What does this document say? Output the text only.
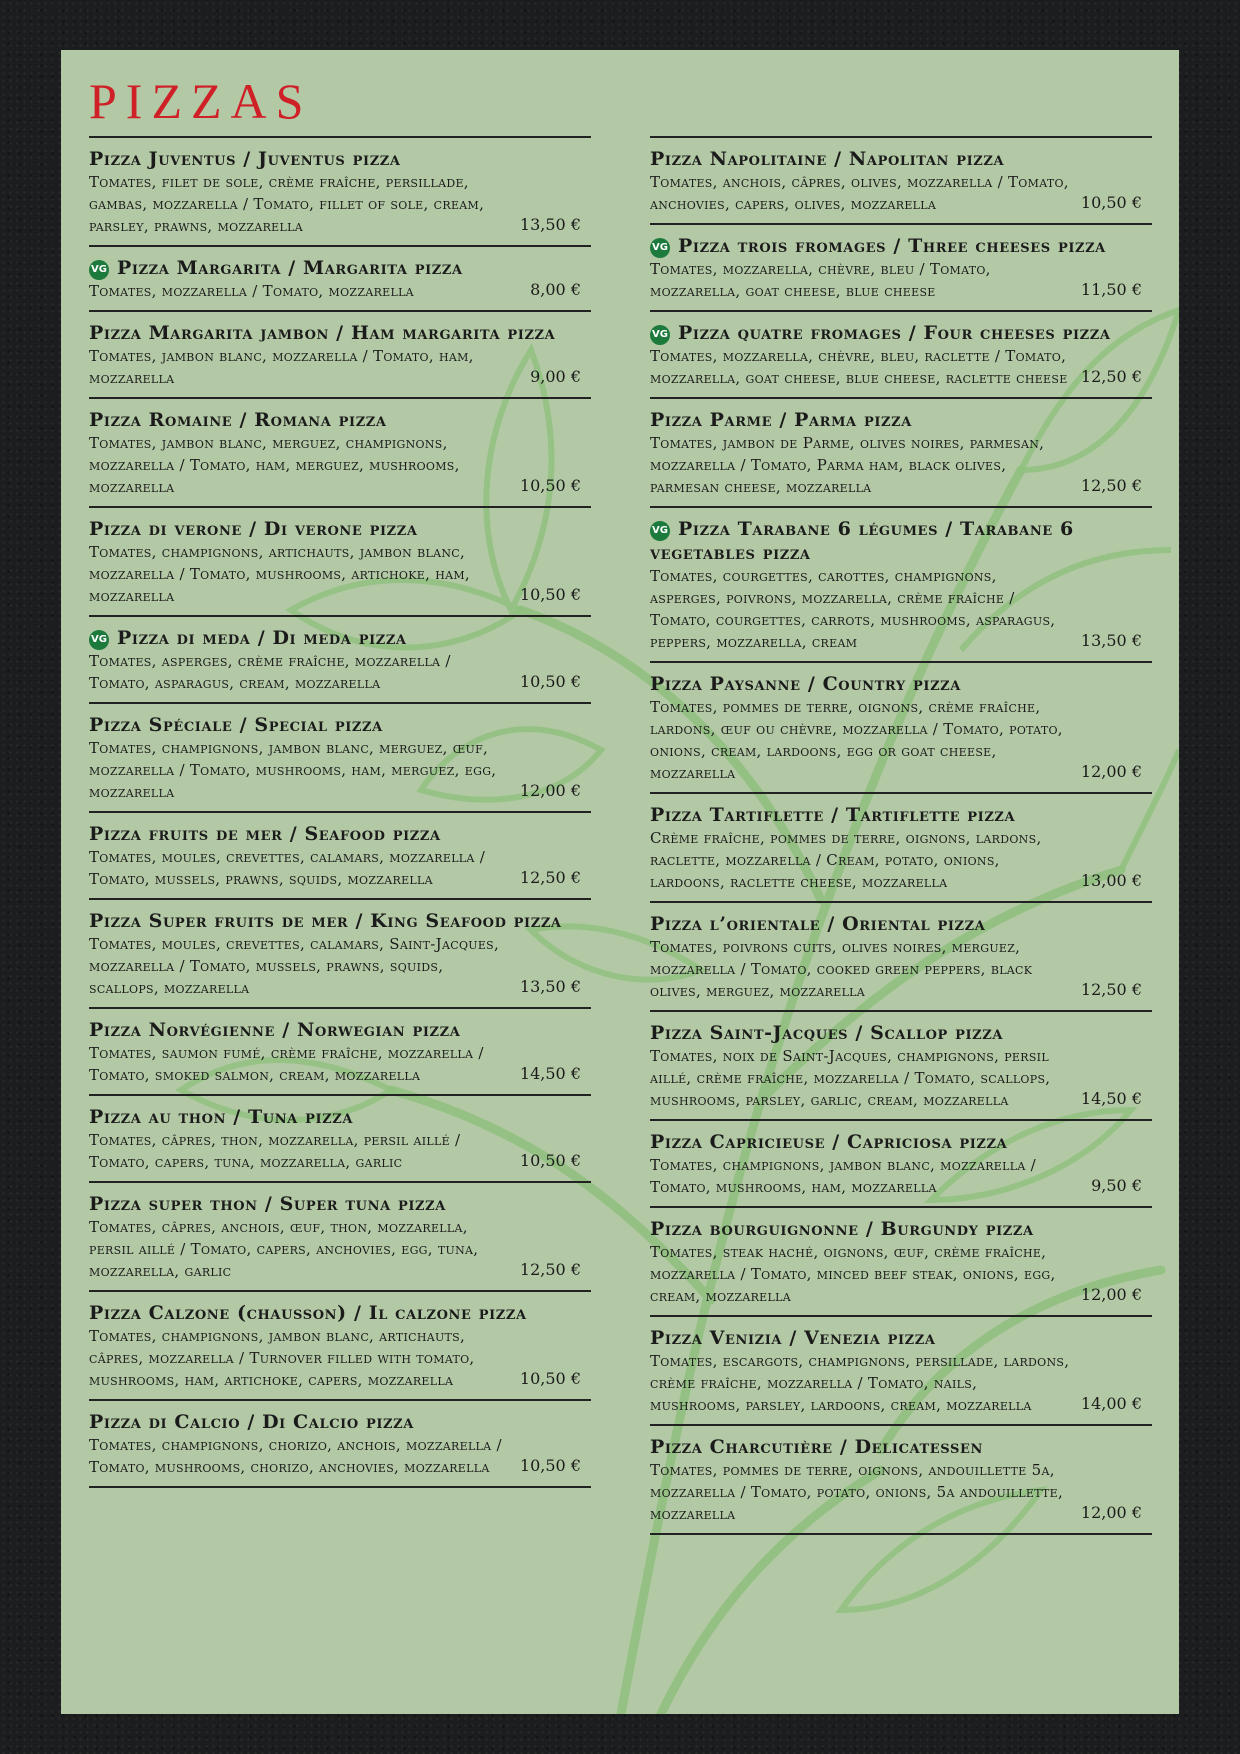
PIZZAS
Pizza Juventus / Juventus pizza
Tomates, filet de sole, crème fraîche, persillade, gambas, mozzarella / Tomato, fillet of sole, cream, parsley, prawns, mozzarella	13,50 €
VG Pizza Margarita / Margarita pizza
Tomates, mozzarella / Tomato, mozzarella	8,00 €
Pizza Margarita jambon / Ham margarita pizza
Tomates, jambon blanc, mozzarella / Tomato, ham, mozzarella	9,00 €
Pizza Romaine / Romana pizza
Tomates, jambon blanc, merguez, champignons, mozzarella / Tomato, ham, merguez, mushrooms, mozzarella	10,50 €
Pizza di verone / Di verone pizza
Tomates, champignons, artichauts, jambon blanc, mozzarella / Tomato, mushrooms, artichoke, ham, mozzarella	10,50 €
VG Pizza di meda / Di meda pizza
Tomates, asperges, crème fraîche, mozzarella / Tomato, asparagus, cream, mozzarella	10,50 €
Pizza Spéciale / Special pizza
Tomates, champignons, jambon blanc, merguez, œuf, mozzarella / Tomato, mushrooms, ham, merguez, egg, mozzarella	12,00 €
Pizza fruits de mer / Seafood pizza
Tomates, moules, crevettes, calamars, mozzarella / Tomato, mussels, prawns, squids, mozzarella	12,50 €
Pizza Super fruits de mer / King Seafood pizza
Tomates, moules, crevettes, calamars, Saint-Jacques, mozzarella / Tomato, mussels, prawns, squids, scallops, mozzarella	13,50 €
Pizza Norvégienne / Norwegian pizza
Tomates, saumon fumé, crème fraîche, mozzarella / Tomato, smoked salmon, cream, mozzarella	14,50 €
Pizza au thon / Tuna pizza
Tomates, câpres, thon, mozzarella, persil aillé / Tomato, capers, tuna, mozzarella, garlic	10,50 €
Pizza super thon / Super tuna pizza
Tomates, câpres, anchois, œuf, thon, mozzarella, persil aillé / Tomato, capers, anchovies, egg, tuna, mozzarella, garlic	12,50 €
Pizza Calzone (chausson) / Il calzone pizza
Tomates, champignons, jambon blanc, artichauts, câpres, mozzarella / Turnover filled with tomato, mushrooms, ham, artichoke, capers, mozzarella	10,50 €
Pizza di Calcio / Di Calcio pizza
Tomates, champignons, chorizo, anchois, mozzarella / Tomato, mushrooms, chorizo, anchovies, mozzarella	10,50 €
Pizza Napolitaine / Napolitan pizza
Tomates, anchois, câpres, olives, mozzarella / Tomato, anchovies, capers, olives, mozzarella	10,50 €
VG Pizza trois fromages / Three cheeses pizza
Tomates, mozzarella, chèvre, bleu / Tomato, mozzarella, goat cheese, blue cheese	11,50 €
VG Pizza quatre fromages / Four cheeses pizza
Tomates, mozzarella, chèvre, bleu, raclette / Tomato, mozzarella, goat cheese, blue cheese, raclette cheese 12,50 €
Pizza Parme / Parma pizza
Tomates, jambon de Parme, olives noires, parmesan, mozzarella / Tomato, Parma ham, black olives, parmesan cheese, mozzarella	12,50 €
VG Pizza Tarabane 6 légumes / Tarabane 6 vegetables pizza
Tomates, courgettes, carottes, champignons, asperges, poivrons, mozzarella, crème fraîche / Tomato, courgettes, carrots, mushrooms, asparagus, peppers, mozzarella, cream	13,50 €
Pizza Paysanne / Country pizza
Tomates, pommes de terre, oignons, crème fraîche, lardons, œuf ou chèvre, mozzarella / Tomato, potato, onions, cream, lardoons, egg or goat cheese, mozzarella	12,00 €
Pizza Tartiflette / Tartiflette pizza
Crème fraîche, pommes de terre, oignons, lardons, raclette, mozzarella / Cream, potato, onions, lardoons, raclette cheese, mozzarella	13,00 €
Pizza l’orientale / Oriental pizza
Tomates, poivrons cuits, olives noires, merguez, mozzarella / Tomato, cooked green peppers, black olives, merguez, mozzarella	12,50 €
Pizza Saint-Jacques / Scallop pizza
Tomates, noix de Saint-Jacques, champignons, persil aillé, crème fraîche, mozzarella / Tomato, scallops, mushrooms, parsley, garlic, cream, mozzarella	14,50 €
Pizza Capricieuse / Capriciosa pizza
Tomates, champignons, jambon blanc, mozzarella / Tomato, mushrooms, ham, mozzarella	9,50 €
Pizza bourguignonne / Burgundy pizza
Tomates, steak haché, oignons, œuf, crème fraîche, mozzarella / Tomato, minced beef steak, onions, egg, cream, mozzarella	12,00 €
Pizza Venizia / Venezia pizza
Tomates, escargots, champignons, persillade, lardons, crème fraîche, mozzarella / Tomato, nails, mushrooms, parsley, lardoons, cream, mozzarella	14,00 €
Pizza Charcutière / Delicatessen
Tomates, pommes de terre, oignons, andouillette 5a, mozzarella / Tomato, potato, onions, 5a andouillette, mozzarella	12,00 €
